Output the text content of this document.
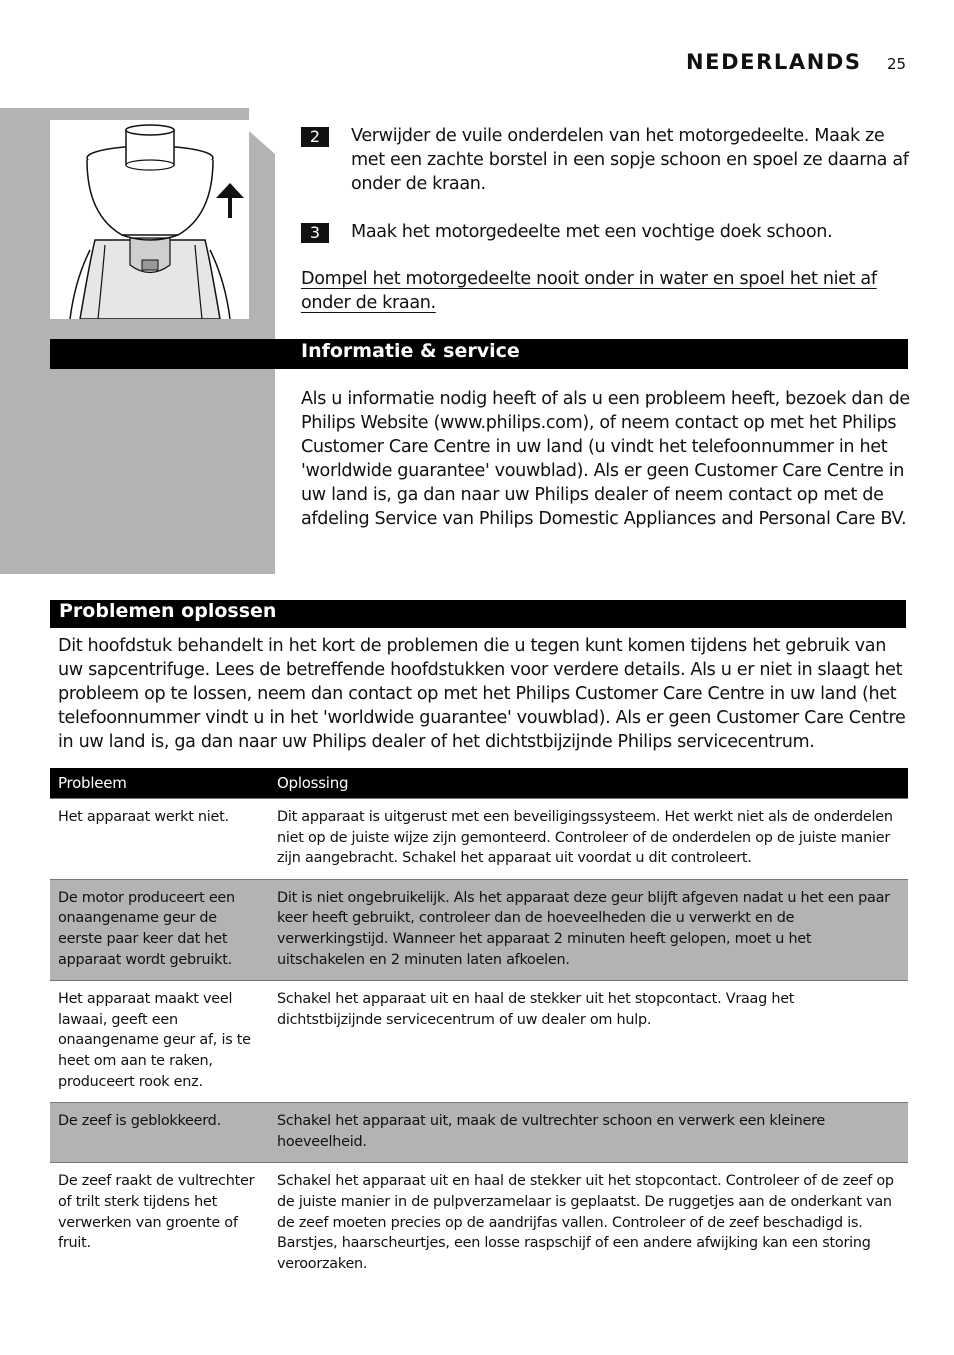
NEDERLANDS 25
2	Verwijder de vuile onderdelen van het motorgedeelte. Maak ze met een zachte borstel in een sopje schoon en spoel ze daarna af onder de kraan.
3	Maak het motorgedeelte met een vochtige doek schoon.
Dompel het motorgedeelte nooit onder in water en spoel het niet af onder de kraan.
Informatie & service
Als u informatie nodig heeft of als u een probleem heeft, bezoek dan de Philips Website (www.philips.com), of neem contact op met het Philips Customer Care Centre in uw land (u vindt het telefoonnummer in het 'worldwide guarantee' vouwblad). Als er geen Customer Care Centre in uw land is, ga dan naar uw Philips dealer of neem contact op met de afdeling Service van Philips Domestic Appliances and Personal Care BV.
Problemen oplossen
Dit hoofdstuk behandelt in het kort de problemen die u tegen kunt komen tijdens het gebruik van uw sapcentrifuge. Lees de betreffende hoofdstukken voor verdere details. Als u er niet in slaagt het probleem op te lossen, neem dan contact op met het Philips Customer Care Centre in uw land (het telefoonnummer vindt u in het 'worldwide guarantee' vouwblad). Als er geen Customer Care Centre in uw land is, ga dan naar uw Philips dealer of het dichtstbijzijnde Philips servicecentrum.
Probleem	Oplossing
Het apparaat werkt niet.	Dit apparaat is uitgerust met een beveiligingssysteem. Het werkt niet als de onderdelen niet op de juiste wijze zijn gemonteerd. Controleer of de onderdelen op de juiste manier zijn aangebracht. Schakel het apparaat uit voordat u dit controleert.
De motor produceert een onaangename geur de eerste paar keer dat het apparaat wordt gebruikt.	Dit is niet ongebruikelijk. Als het apparaat deze geur blijft afgeven nadat u het een paar keer heeft gebruikt, controleer dan de hoeveelheden die u verwerkt en de verwerkingstijd. Wanneer het apparaat 2 minuten heeft gelopen, moet u het uitschakelen en 2 minuten laten afkoelen.
Het apparaat maakt veel lawaai, geeft een onaangename geur af, is te heet om aan te raken, produceert rook enz.	Schakel het apparaat uit en haal de stekker uit het stopcontact. Vraag het dichtstbijzijnde servicecentrum of uw dealer om hulp.
De zeef is geblokkeerd.	Schakel het apparaat uit, maak de vultrechter schoon en verwerk een kleinere hoeveelheid.
De zeef raakt de vultrechter of trilt sterk tijdens het verwerken van groente of fruit.	Schakel het apparaat uit en haal de stekker uit het stopcontact. Controleer of de zeef op de juiste manier in de pulpverzamelaar is geplaatst. De ruggetjes aan de onderkant van de zeef moeten precies op de aandrijfas vallen. Controleer of de zeef beschadigd is. Barstjes, haarscheurtjes, een losse raspschijf of een andere afwijking kan een storing veroorzaken.
